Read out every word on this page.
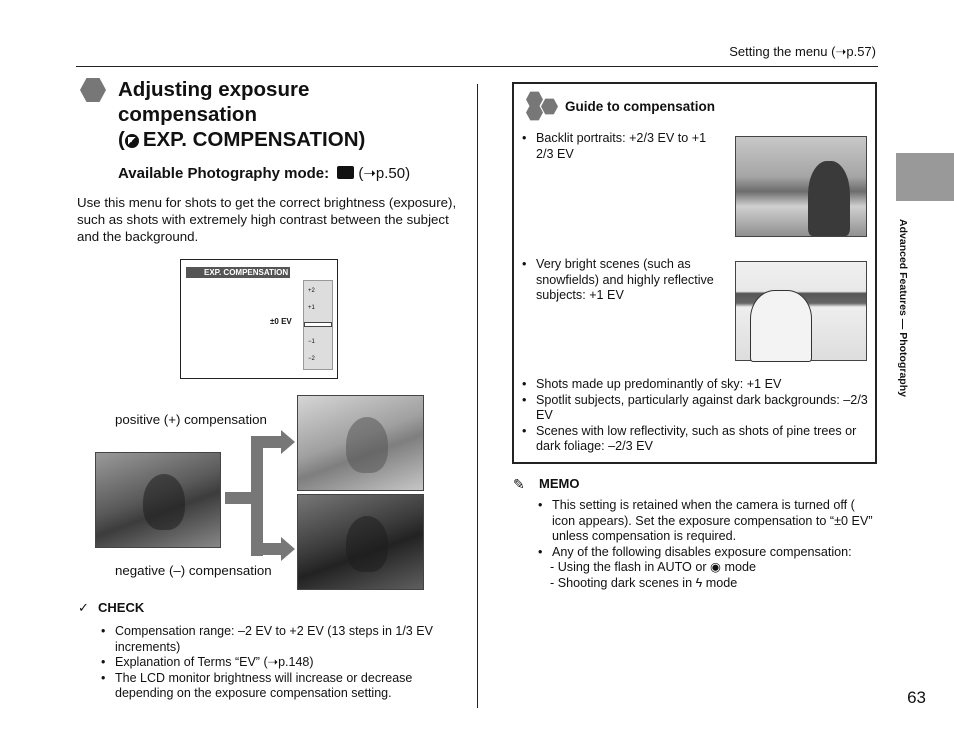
Setting the menu (➝p.57)
Adjusting exposure
compensation
( EXP. COMPENSATION)
Available Photography mode: (➝p.50)
Use this menu for shots to get the correct brightness (exposure), such as shots with extremely high contrast between the subject and the background.
EXP. COMPENSATION
±0 EV
+2
+1
−1
−2
positive (+) compensation
negative (–) compensation
✓ CHECK
• Compensation range: –2 EV to +2 EV (13 steps in 1/3 EV increments)
• Explanation of Terms “EV” (➝p.148)
• The LCD monitor brightness will increase or decrease depending on the exposure compensation setting.
Guide to compensation
• Backlit portraits: +2/3 EV to +1 2/3 EV
• Very bright scenes (such as snowfields) and highly reflective subjects: +1 EV
• Shots made up predominantly of sky: +1 EV
• Spotlit subjects, particularly against dark backgrounds: –2/3 EV
• Scenes with low reflectivity, such as shots of pine trees or dark foliage: –2/3 EV
✎ MEMO
• This setting is retained when the camera is turned off ( icon appears). Set the exposure compensation to “±0 EV” unless compensation is required.
• Any of the following disables exposure compensation:
- Using the flash in AUTO or ◉ mode
- Shooting dark scenes in ϟ mode
Advanced Features — Photography
63
